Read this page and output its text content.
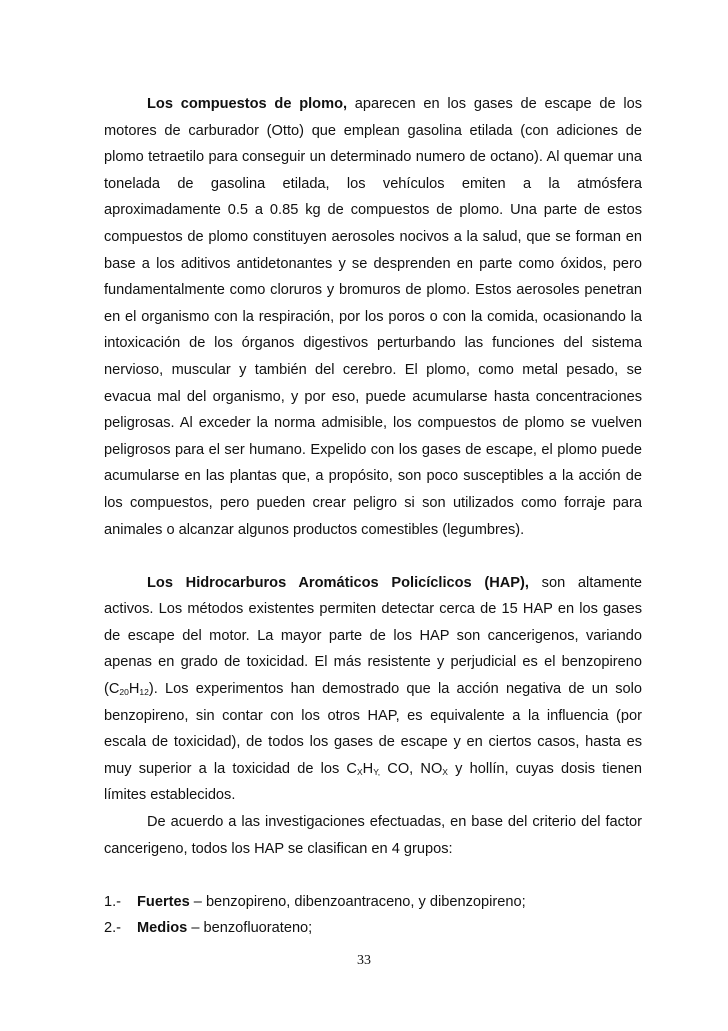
Los compuestos de plomo, aparecen en los gases de escape de los motores de carburador (Otto) que emplean gasolina etilada (con adiciones de plomo tetraetilo para conseguir un determinado numero de octano). Al quemar una tonelada de gasolina etilada, los vehículos emiten a la atmósfera aproximadamente 0.5 a 0.85 kg de compuestos de plomo. Una parte de estos compuestos de plomo constituyen aerosoles nocivos a la salud, que se forman en base a los aditivos antidetonantes y se desprenden en parte como óxidos, pero fundamentalmente como cloruros y bromuros de plomo. Estos aerosoles penetran en el organismo con la respiración, por los poros o con la comida, ocasionando la intoxicación de los órganos digestivos perturbando las funciones del sistema nervioso, muscular y también del cerebro. El plomo, como metal pesado, se evacua mal del organismo, y por eso, puede acumularse hasta concentraciones peligrosas. Al exceder la norma admisible, los compuestos de plomo se vuelven peligrosos para el ser humano. Expelido con los gases de escape, el plomo puede acumularse en las plantas que, a propósito, son poco susceptibles a la acción de los compuestos, pero pueden crear peligro si son utilizados como forraje para animales o alcanzar algunos productos comestibles (legumbres).

Los Hidrocarburos Aromáticos Policíclicos (HAP), son altamente activos. Los métodos existentes permiten detectar cerca de 15 HAP en los gases de escape del motor. La mayor parte de los HAP son cancerigenos, variando apenas en grado de toxicidad. El más resistente y perjudicial es el benzopireno $(C_{20}H_{12})$. Los experimentos han demostrado que la acción negativa de un solo benzopireno, sin contar con los otros HAP, es equivalente a la influencia (por escala de toxicidad), de todos los gases de escape y en ciertos casos, hasta es muy superior a la toxicidad de los $C_XH_{Y,}$ CO, $NO_X$ y hollín, cuyas dosis tienen límites establecidos.

De acuerdo a las investigaciones efectuadas, en base del criterio del factor cancerigeno, todos los HAP se clasifican en 4 grupos:

1.-	Fuertes – benzopireno, dibenzoantraceno, y dibenzopireno;
2.-	Medios – benzofluorateno;
33
